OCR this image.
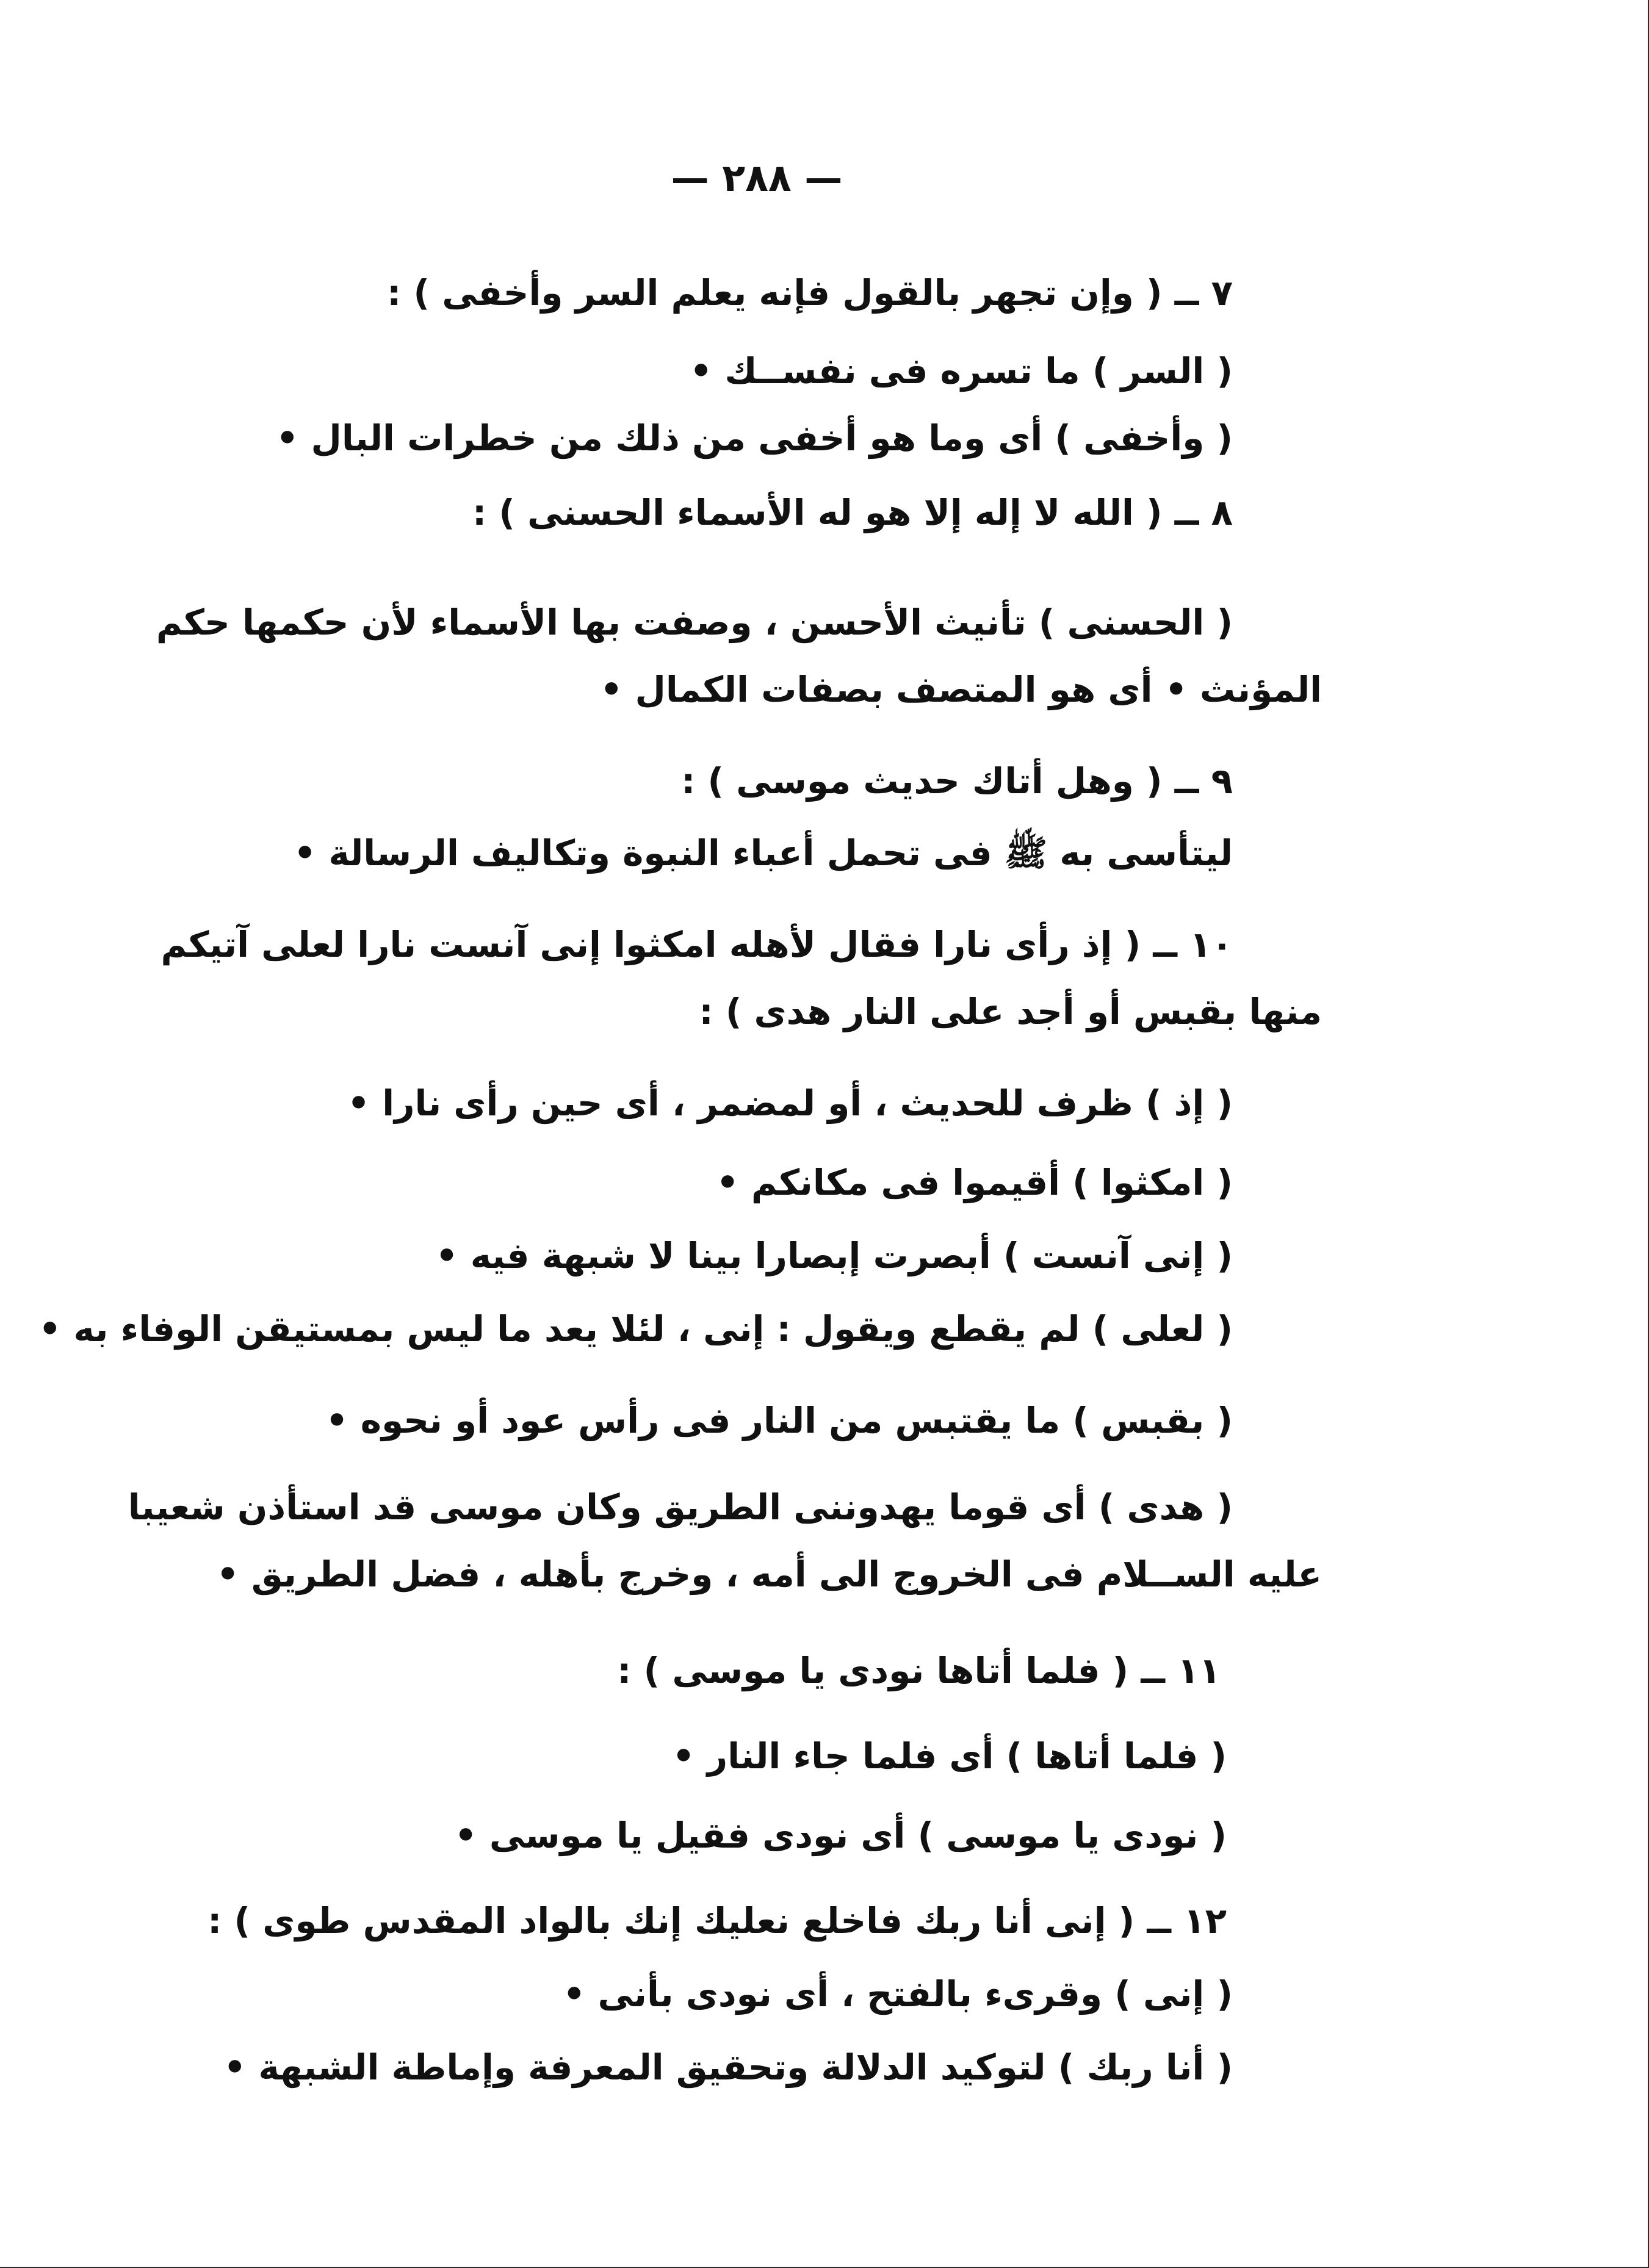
— ٢٨٨ —
٧ ــ ( وإن تجهر بالقول فإنه يعلم السر وأخفى ) :
( السر ) ما تسره فى نفســك •
( وأخفى ) أى وما هو أخفى من ذلك من خطرات البال •
٨ ــ ( الله لا إله إلا هو له الأسماء الحسنى ) :
( الحسنى ) تأنيث الأحسن ، وصفت بها الأسماء لأن حكمها حكم
المؤنث • أى هو المتصف بصفات الكمال •
٩ ــ ( وهل أتاك حديث موسى ) :
ليتأسى به ﷺ فى تحمل أعباء النبوة وتكاليف الرسالة •
١٠ ــ ( إذ رأى نارا فقال لأهله امكثوا إنى آنست نارا لعلى آتيكم
منها بقبس أو أجد على النار هدى ) :
( إذ ) ظرف للحديث ، أو لمضمر ، أى حين رأى نارا •
( امكثوا ) أقيموا فى مكانكم •
( إنى آنست ) أبصرت إبصارا بينا لا شبهة فيه •
( لعلى ) لم يقطع ويقول : إنى ، لئلا يعد ما ليس بمستيقن الوفاء به •
( بقبس ) ما يقتبس من النار فى رأس عود أو نحوه •
( هدى ) أى قوما يهدوننى الطريق وكان موسى قد استأذن شعيبا
عليه الســلام فى الخروج الى أمه ، وخرج بأهله ، فضل الطريق •
١١ ــ ( فلما أتاها نودى يا موسى ) :
( فلما أتاها ) أى فلما جاء النار •
( نودى يا موسى ) أى نودى فقيل يا موسى •
١٢ ــ ( إنى أنا ربك فاخلع نعليك إنك بالواد المقدس طوى ) :
( إنى ) وقرىء بالفتح ، أى نودى بأنى •
( أنا ربك ) لتوكيد الدلالة وتحقيق المعرفة وإماطة الشبهة •
